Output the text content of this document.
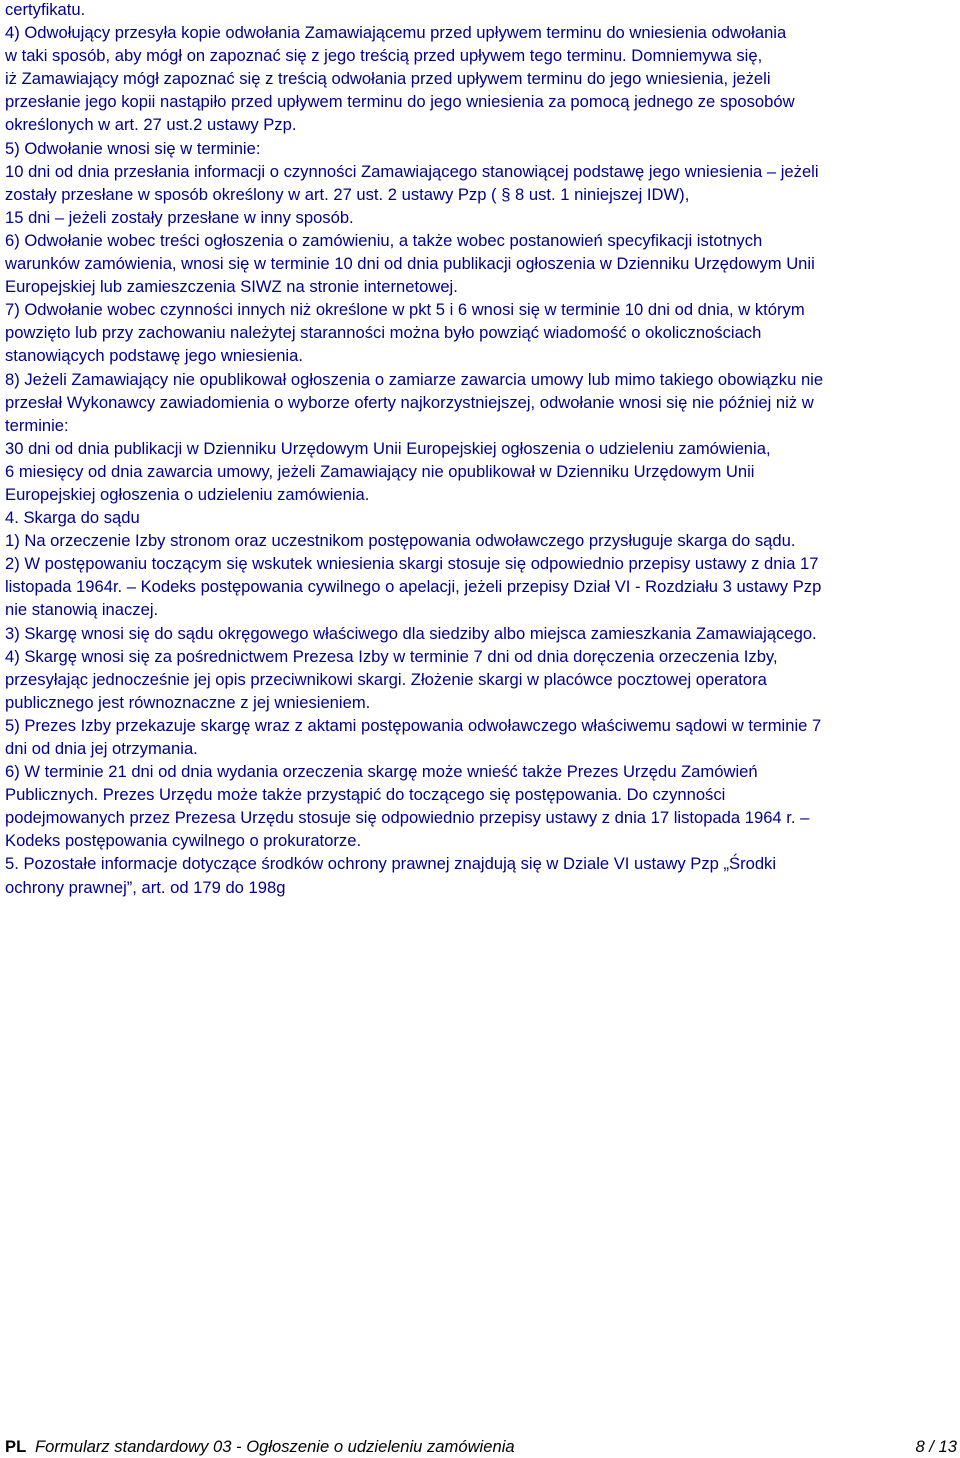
certyfikatu.

4) Odwołujący przesyła kopie odwołania Zamawiającemu przed upływem terminu do wniesienia odwołania

w taki sposób, aby mógł on zapoznać się z jego treścią przed upływem tego terminu. Domniemywa się,

iż Zamawiający mógł zapoznać się z treścią odwołania przed upływem terminu do jego wniesienia, jeżeli

przesłanie jego kopii nastąpiło przed upływem terminu do jego wniesienia za pomocą jednego ze sposobów

określonych w art. 27 ust.2 ustawy Pzp.

5) Odwołanie wnosi się w terminie:

10 dni od dnia przesłania informacji o czynności Zamawiającego stanowiącej podstawę jego wniesienia – jeżeli

zostały przesłane w sposób określony w art. 27 ust. 2 ustawy Pzp ( § 8 ust. 1 niniejszej IDW),

15 dni – jeżeli zostały przesłane w inny sposób.

6) Odwołanie wobec treści ogłoszenia o zamówieniu, a także wobec postanowień specyfikacji istotnych

warunków zamówienia, wnosi się w terminie 10 dni od dnia publikacji ogłoszenia w Dzienniku Urzędowym Unii

Europejskiej lub zamieszczenia SIWZ na stronie internetowej.

7) Odwołanie wobec czynności innych niż określone w pkt 5 i 6 wnosi się w terminie 10 dni od dnia, w którym

powzięto lub przy zachowaniu należytej staranności można było powziąć wiadomość o okolicznościach

stanowiących podstawę jego wniesienia.

8) Jeżeli Zamawiający nie opublikował ogłoszenia o zamiarze zawarcia umowy lub mimo takiego obowiązku nie

przesłał Wykonawcy zawiadomienia o wyborze oferty najkorzystniejszej, odwołanie wnosi się nie później niż w

terminie:

30 dni od dnia publikacji w Dzienniku Urzędowym Unii Europejskiej ogłoszenia o udzieleniu zamówienia,

6 miesięcy od dnia zawarcia umowy, jeżeli Zamawiający nie opublikował w Dzienniku Urzędowym Unii

Europejskiej ogłoszenia o udzieleniu zamówienia.

4. Skarga do sądu

1) Na orzeczenie Izby stronom oraz uczestnikom postępowania odwoławczego przysługuje skarga do sądu.

2) W postępowaniu toczącym się wskutek wniesienia skargi stosuje się odpowiednio przepisy ustawy z dnia 17

listopada 1964r. – Kodeks postępowania cywilnego o apelacji, jeżeli przepisy Dział VI - Rozdziału 3 ustawy Pzp

nie stanowią inaczej.

3) Skargę wnosi się do sądu okręgowego właściwego dla siedziby albo miejsca zamieszkania Zamawiającego.

4) Skargę wnosi się za pośrednictwem Prezesa Izby w terminie 7 dni od dnia doręczenia orzeczenia Izby,

przesyłając jednocześnie jej opis przeciwnikowi skargi. Złożenie skargi w placówce pocztowej operatora

publicznego jest równoznaczne z jej wniesieniem.

5) Prezes Izby przekazuje skargę wraz z aktami postępowania odwoławczego właściwemu sądowi w terminie 7

dni od dnia jej otrzymania.

6) W terminie 21 dni od dnia wydania orzeczenia skargę może wnieść także Prezes Urzędu Zamówień

Publicznych. Prezes Urzędu może także przystąpić do toczącego się postępowania. Do czynności

podejmowanych przez Prezesa Urzędu stosuje się odpowiednio przepisy ustawy z dnia 17 listopada 1964 r. –

Kodeks postępowania cywilnego o prokuratorze.

5. Pozostałe informacje dotyczące środków ochrony prawnej znajdują się w Dziale VI ustawy Pzp „Środki

ochrony prawnej”, art. od 179 do 198g

PL Formularz standardowy 03 - Ogłoszenie o udzieleniu zamówienia	8 / 13
